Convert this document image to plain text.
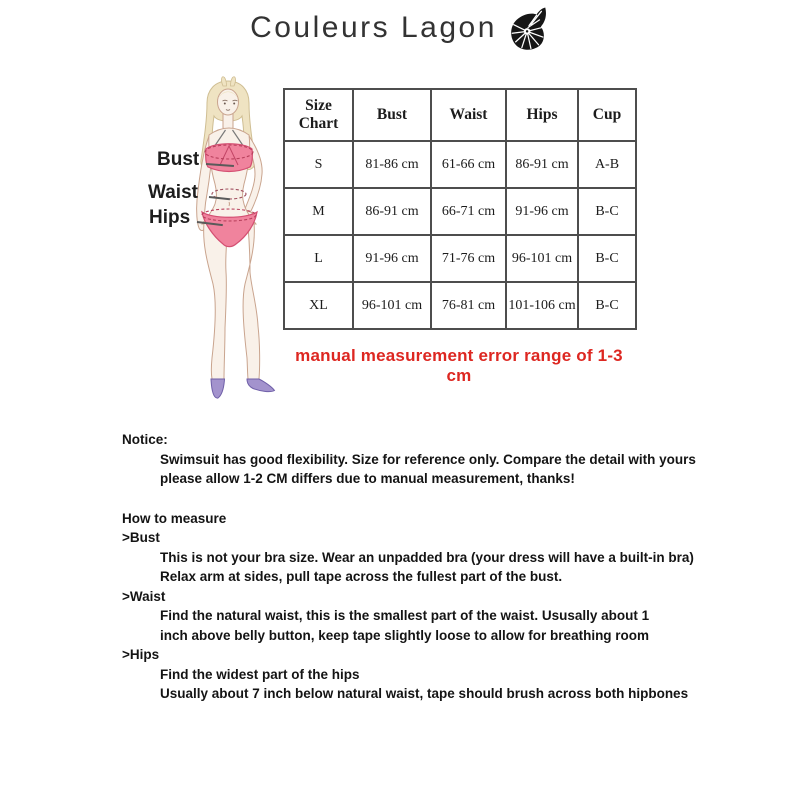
Couleurs Lagon
Bust
Waist
Hips
Size Chart	Bust	Waist	Hips	Cup
S	81-86 cm	61-66 cm	86-91 cm	A-B
M	86-91 cm	66-71 cm	91-96 cm	B-C
L	91-96 cm	71-76 cm	96-101 cm	B-C
XL	96-101 cm	76-81 cm	101-106 cm	B-C
manual measurement error range of 1-3 cm
Notice:
Swimsuit has good flexibility. Size for reference only. Compare the detail with yours
please allow 1-2 CM differs due to manual measurement, thanks!
How to measure
>Bust
This is not your bra size. Wear an unpadded bra (your dress will have a built-in bra)
Relax arm at sides, pull tape across the fullest part of the bust.
>Waist
Find the natural waist, this is the smallest part of the waist. Ususally about 1
inch above belly button, keep tape slightly loose to allow for breathing room
>Hips
Find the widest part of the hips
Usually about 7 inch below natural waist, tape should brush across both hipbones
